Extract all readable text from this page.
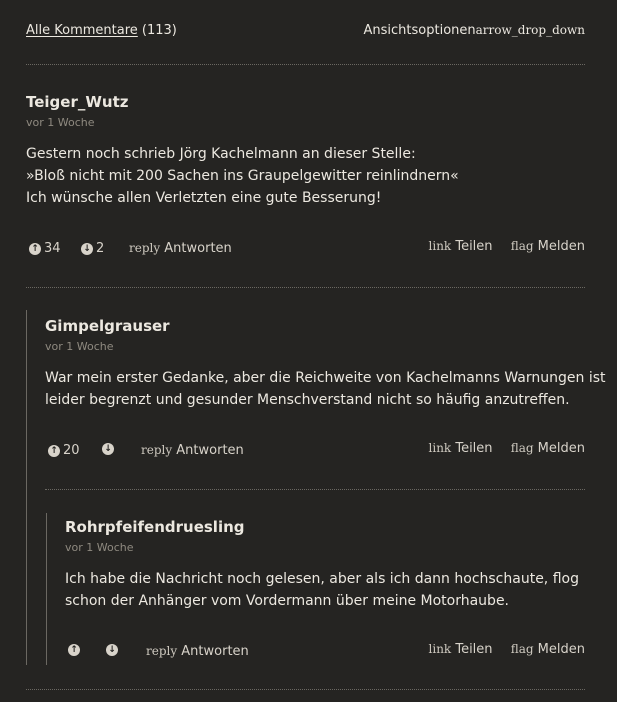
Alle Kommentare (113)	Ansichtsoptionenarrow_drop_down
Teiger_Wutz
vor 1 Woche

Gestern noch schrieb Jörg Kachelmann an dieser Stelle:

»Bloß nicht mit 200 Sachen ins Graupelgewitter reinlindnern«

Ich wünsche allen Verletzten eine gute Besserung!

↑ 34	↓ 2 reply Antworten	link Teilen flag Melden
Gimpelgrauser
vor 1 Woche

War mein erster Gedanke, aber die Reichweite von Kachelmanns Warnungen ist

leider begrenzt und gesunder Menschverstand nicht so häufig anzutreffen.

↑ 20	↓ reply Antworten	link Teilen flag Melden
Rohrpfeifendruesling
vor 1 Woche

Ich habe die Nachricht noch gelesen, aber als ich dann hochschaute, flog

schon der Anhänger vom Vordermann über meine Motorhaube.

↑	↓	reply Antworten	link Teilen flag Melden
